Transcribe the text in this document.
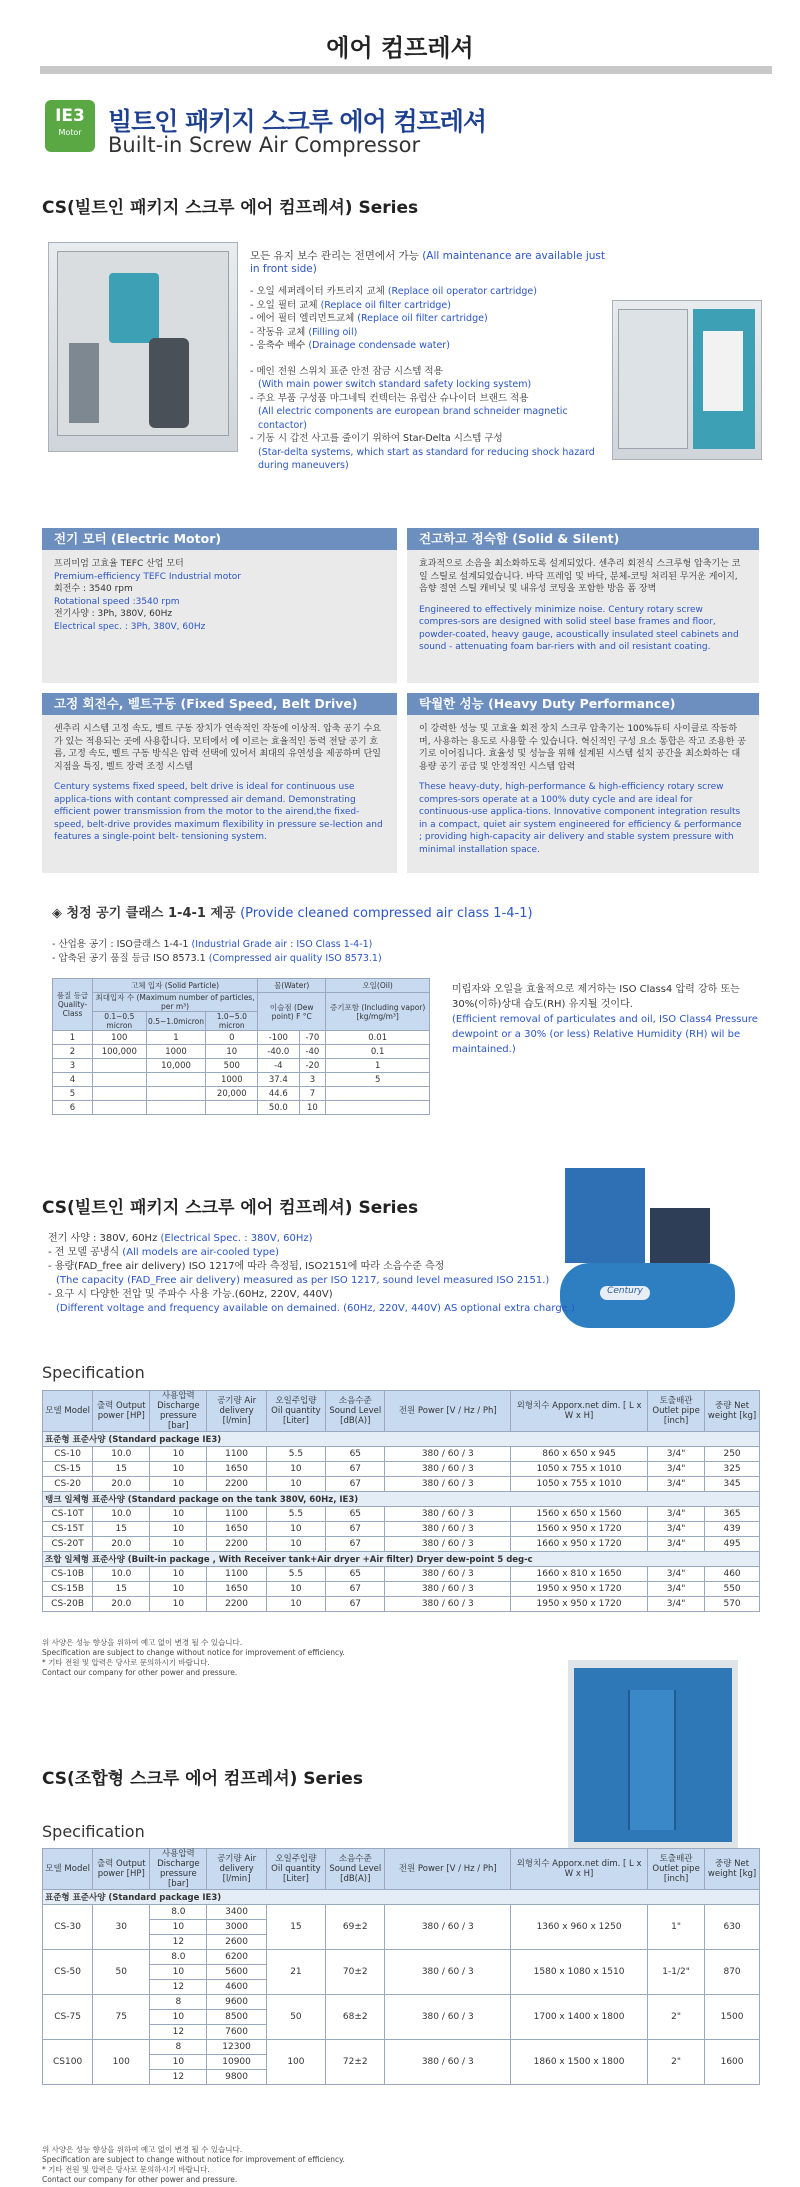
에어 컴프레셔
IE3
Motor	빌트인 패키지 스크루 에어 컴프레셔
Built-in Screw Air Compressor
CS(빌트인 패키지 스크루 에어 컴프레셔) Series
모든 유지 보수 관리는 전면에서 가능 (All maintenance are available just in front side)
- 오일 세퍼레이터 카트리지 교체 (Replace oil operator cartridge)
- 오일 필터 교체 (Replace oil filter cartridge)
- 에어 필터 엘리먼트교체 (Replace oil filter cartridge)
- 작동유 교체 (Filling oil)
- 응축수 배수 (Drainage condensade water)
- 메인 전원 스위치 표준 안전 잠금 시스템 적용
(With main power switch standard safety locking system)
- 주요 부품 구성품 마그네틱 컨텍터는 유럽산 슈나이더 브랜드 적용
(All electric components are european brand schneider magnetic contactor)
- 기동 시 갑전 사고를 줄이기 위하여 Star-Delta 시스템 구성
(Star-delta systems, which start as standard for reducing shock hazard during maneuvers)
전기 모터 (Electric Motor)
프리미엄 고효율 TEFC 산업 모터
Premium-efficiency TEFC Industrial motor
회전수 : 3540 rpm
Rotational speed :3540 rpm
전기사양 : 3Ph, 380V, 60Hz
Electrical spec. : 3Ph, 380V, 60Hz
견고하고 정숙함 (Solid & Silent)
효과적으로 소음을 최소화하도록 설계되었다. 센추리 회전식 스크루형 압축기는 코일 스틸로 설계되었습니다. 바닥 프레임 및 바닥, 분체-코팅 처리된 무거운 게이지, 음향 절연 스틸 캐비닛 및 내유성 코팅을 포함한 방음 폼 장벽
Engineered to effectively minimize noise. Century rotary screw compres-sors are designed with solid steel base frames and floor, powder-coated, heavy gauge, acoustically insulated steel cabinets and sound - attenuating foam bar-riers with and oil resistant coating.
고정 회전수, 벨트구동 (Fixed Speed, Belt Drive)
센추리 시스템 고정 속도, 벨트 구동 장치가 연속적인 작동에 이상적. 압축 공기 수요가 있는 적용되는 곳에 사용합니다. 모터에서 에 이르는 효율적인 동력 전달 공기 흐름, 고정 속도, 벨트 구동 방식은 압력 선택에 있어서 최대의 유연성을 제공하며 단일 지점을 특징, 벨트 장력 조정 시스템
Century systems fixed speed, belt drive is ideal for continuous use applica-tions with contant compressed air demand. Demonstrating efficient power transmission from the motor to the airend,the fixed-speed, belt-drive provides maximum flexibility in pressure se-lection and features a single-point belt- tensioning system.
탁월한 성능 (Heavy Duty Performance)
이 강력한 성능 및 고효율 회전 장치 스크루 압축기는 100%듀티 사이클로 작동하며, 사용하는 용도로 사용할 수 있습니다. 혁신적인 구성 요소 통합은 작고 조용한 공기로 이어집니다. 효율성 및 성능을 위해 설계된 시스템 설치 공간을 최소화하는 대용량 공기 공급 및 안정적인 시스템 압력
These heavy-duty, high-performance & high-efficiency rotary screw compres-sors operate at a 100% duty cycle and are ideal for continuous-use applica-tions. Innovative component integration results in a compact, quiet air system engineered for efficiency & performance ; providing high-capacity air delivery and stable system pressure with minimal installation space.
◈ 청정 공기 클래스 1-4-1 제공 (Provide cleaned compressed air class 1-4-1)
- 산업용 공기 : ISO클래스 1-4-1 (Industrial Grade air : ISO Class 1-4-1)
- 압축된 공기 품질 등급 ISO 8573.1 (Compressed air quality ISO 8573.1)
품질 등급 Quality-Class	고체 입자 (Solid Particle)			물(Water)		오일(Oil)
	최대입자 수 (Maximum number of particles, per m³)			이슬점 (Dew point) F °C		증기포함 (Including vapor) [kg/mg/m³]
	0.1~0.5 micron	0.5~1.0micron	1.0~5.0 micron			
1	100	1	0	-100	-70	0.01
2	100,000	1000	10	-40.0	-40	0.1
3		10,000	500	-4	-20	1
4			1000	37.4	3	5
5			20,000	44.6	7	
6				50.0	10	
미립자와 오일을 효율적으로 제거하는 ISO Class4 압력 강하 또는 30%(이하)상대 습도(RH) 유지될 것이다.
(Efficient removal of particulates and oil, ISO Class4 Pressure dewpoint or a 30% (or less) Relative Humidity (RH) wil be maintained.)
CS(빌트인 패키지 스크루 에어 컴프레셔) Series
Century
전기 사양 : 380V, 60Hz (Electrical Spec. : 380V, 60Hz)
- 전 모델 공냉식 (All models are air-cooled type)
- 용량(FAD_free air delivery) ISO 1217에 따라 측정됨, ISO2151에 따라 소음수준 측정
(The capacity (FAD_Free air delivery) measured as per ISO 1217, sound level measured ISO 2151.)
- 요구 시 다양한 전압 및 주파수 사용 가능.(60Hz, 220V, 440V)
(Different voltage and frequency available on demained. (60Hz, 220V, 440V) AS optional extra charge.)
Specification
모델 Model	출력 Output power [HP]	사용압력 Discharge pressure [bar]	공기량 Air delivery [l/min]	오일주입량 Oil quantity [Liter]	소음수준 Sound Level [dB(A)]	전원 Power [V / Hz / Ph]	외형치수 Apporx.net dim. [ L x W x H]	토출배관 Outlet pipe [inch]	중량 Net weight [kg]
표준형 표준사양 (Standard package IE3)									
CS-10	10.0	10	1100	5.5	65	380 / 60 / 3	860 x 650 x 945	3/4"	250
CS-15	15	10	1650	10	67	380 / 60 / 3	1050 x 755 x 1010	3/4"	325
CS-20	20.0	10	2200	10	67	380 / 60 / 3	1050 x 755 x 1010	3/4"	345
탱크 일체형 표준사양 (Standard package on the tank 380V, 60Hz, IE3)									
CS-10T	10.0	10	1100	5.5	65	380 / 60 / 3	1560 x 650 x 1560	3/4"	365
CS-15T	15	10	1650	10	67	380 / 60 / 3	1560 x 950 x 1720	3/4"	439
CS-20T	20.0	10	2200	10	67	380 / 60 / 3	1660 x 950 x 1720	3/4"	495
조합 일체형 표준사양 (Built-in package , With Receiver tank+Air dryer +Air filter) Dryer dew-point 5 deg-c									
CS-10B	10.0	10	1100	5.5	65	380 / 60 / 3	1660 x 810 x 1650	3/4"	460
CS-15B	15	10	1650	10	67	380 / 60 / 3	1950 x 950 x 1720	3/4"	550
CS-20B	20.0	10	2200	10	67	380 / 60 / 3	1950 x 950 x 1720	3/4"	570
위 사양은 성능 향상을 위하여 예고 없이 변경 될 수 있습니다.
Specification are subject to change without notice for improvement of efficiency.
* 기타 전원 및 압력은 당사로 문의하시기 바랍니다.
Contact our company for other power and pressure.
CS(조합형 스크루 에어 컴프레셔) Series
Specification
모델 Model	출력 Output power [HP]	사용압력 Discharge pressure [bar]	공기량 Air delivery [l/min]	오일주입량 Oil quantity [Liter]	소음수준 Sound Level [dB(A)]	전원 Power [V / Hz / Ph]	외형치수 Apporx.net dim. [ L x W x H]	토출배관 Outlet pipe [inch]	중량 Net weight [kg]
표준형 표준사양 (Standard package IE3)									
CS-30	30	8.0	3400	15	69±2	380 / 60 / 3	1360 x 960 x 1250	1"	630
		10	3000						
		12	2600						
CS-50	50	8.0	6200	21	70±2	380 / 60 / 3	1580 x 1080 x 1510	1-1/2"	870
		10	5600						
		12	4600						
CS-75	75	8	9600	50	68±2	380 / 60 / 3	1700 x 1400 x 1800	2"	1500
		10	8500						
		12	7600						
CS100	100	8	12300	100	72±2	380 / 60 / 3	1860 x 1500 x 1800	2"	1600
		10	10900						
		12	9800						
위 사양은 성능 향상을 위하여 예고 없이 변경 될 수 있습니다.
Specification are subject to change without notice for improvement of efficiency.
* 기타 전원 및 압력은 당사로 문의하시기 바랍니다.
Contact our company for other power and pressure.
